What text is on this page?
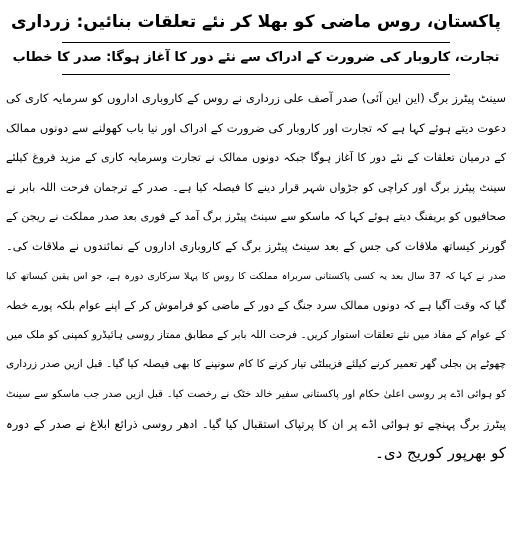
پاکستان، روس ماضی کو بھلا کر نئے تعلقات بنائیں: زرداری
تجارت، کاروبار کی ضرورت کے ادراک سے نئے دور کا آغاز ہوگا: صدر کا خطاب
سینٹ پیٹرز برگ (این این آئی) صدر آصف علی زرداری نے روس کے کاروباری اداروں کو سرمایہ کاری کی
دعوت دیتے ہوئے کہا ہے کہ تجارت اور کاروبار کی ضرورت کے ادراک اور نیا باب کھولنے سے دونوں ممالک
کے درمیان تعلقات کے نئے دور کا آغاز ہوگا جبکہ دونوں ممالک نے تجارت وسرمایہ کاری کے مزید فروغ کیلئے
سینٹ پیٹرز برگ اور کراچی کو جڑواں شہر قرار دینے کا فیصلہ کیا ہے۔ صدر کے ترجمان فرحت اللہ بابر نے
صحافیوں کو بریفنگ دیتے ہوئے کہا کہ ماسکو سے سینٹ پیٹرز برگ آمد کے فوری بعد صدر مملکت نے ریجن کے
گورنر کیساتھ ملاقات کی جس کے بعد سینٹ پیٹرز برگ کے کاروباری اداروں کے نمائندوں نے ملاقات کی۔
صدر نے کہا کہ 37 سال بعد یہ کسی پاکستانی سربراہ مملکت کا روس کا پہلا سرکاری دورہ ہے، جو اس یقین کیساتھ کیا
گیا کہ وقت آگیا ہے کہ دونوں ممالک سرد جنگ کے دور کے ماضی کو فراموش کر کے اپنے عوام بلکہ پورے خطہ
کے عوام کے مفاد میں نئے تعلقات استوار کریں۔ فرحت اللہ بابر کے مطابق ممتاز روسی ہائیڈرو کمپنی کو ملک میں
چھوٹے پن بجلی گھر تعمیر کرنے کیلئے فزیبلٹی تیار کرنے کا کام سونپنے کا بھی فیصلہ کیا گیا۔ قبل ازیں صدر زرداری
کو ہوائی اڈے پر روسی اعلیٰ حکام اور پاکستانی سفیر خالد خٹک نے رخصت کیا۔ قبل ازیں صدر جب ماسکو سے سینٹ
پیٹرز برگ پہنچے تو ہوائی اڈے پر ان کا پرتپاک استقبال کیا گیا۔ ادھر روسی ذرائع ابلاغ نے صدر کے دورہ
کو بھرپور کوریج دی۔
